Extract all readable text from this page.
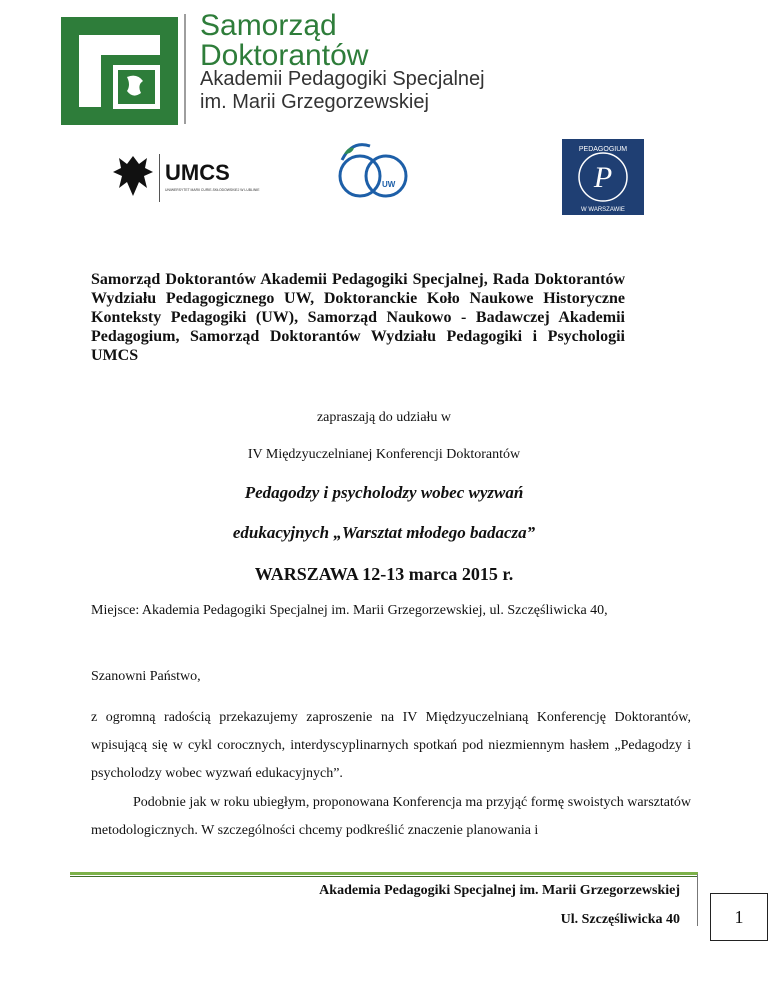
Samorząd
Doktorantów
Akademii Pedagogiki Specjalnej
im. Marii Grzegorzewskiej
UMCS
UNIWERSYTET MARII CURIE-SKŁODOWSKIEJ W LUBLINIE
UW	P
PEDAGOGIUM
W WARSZAWIE
Samorząd Doktorantów Akademii Pedagogiki Specjalnej, Rada Doktorantów Wydziału Pedagogicznego UW, Doktoranckie Koło Naukowe Historyczne Konteksty Pedagogiki (UW), Samorząd Naukowo - Badawczej Akademii Pedagogium, Samorząd Doktorantów Wydziału Pedagogiki i Psychologii UMCS
zapraszają do udziału w
IV Międzyuczelnianej Konferencji Doktorantów
Pedagodzy i psycholodzy wobec wyzwań
edukacyjnych „Warsztat młodego badacza”
WARSZAWA 12-13 marca 2015 r.
Miejsce: Akademia Pedagogiki Specjalnej im. Marii Grzegorzewskiej, ul. Szczęśliwicka 40,
Szanowni Państwo,
z ogromną radością przekazujemy zaproszenie na IV Międzyuczelnianą Konferencję Doktorantów, wpisującą się w cykl corocznych, interdyscyplinarnych spotkań pod niezmiennym hasłem „Pedagodzy i psycholodzy wobec wyzwań edukacyjnych”.
Podobnie jak w roku ubiegłym, proponowana Konferencja ma przyjąć formę swoistych warsztatów metodologicznych. W szczególności chcemy podkreślić znaczenie planowania i
Akademia Pedagogiki Specjalnej im. Marii Grzegorzewskiej
Ul. Szczęśliwicka 40	1
